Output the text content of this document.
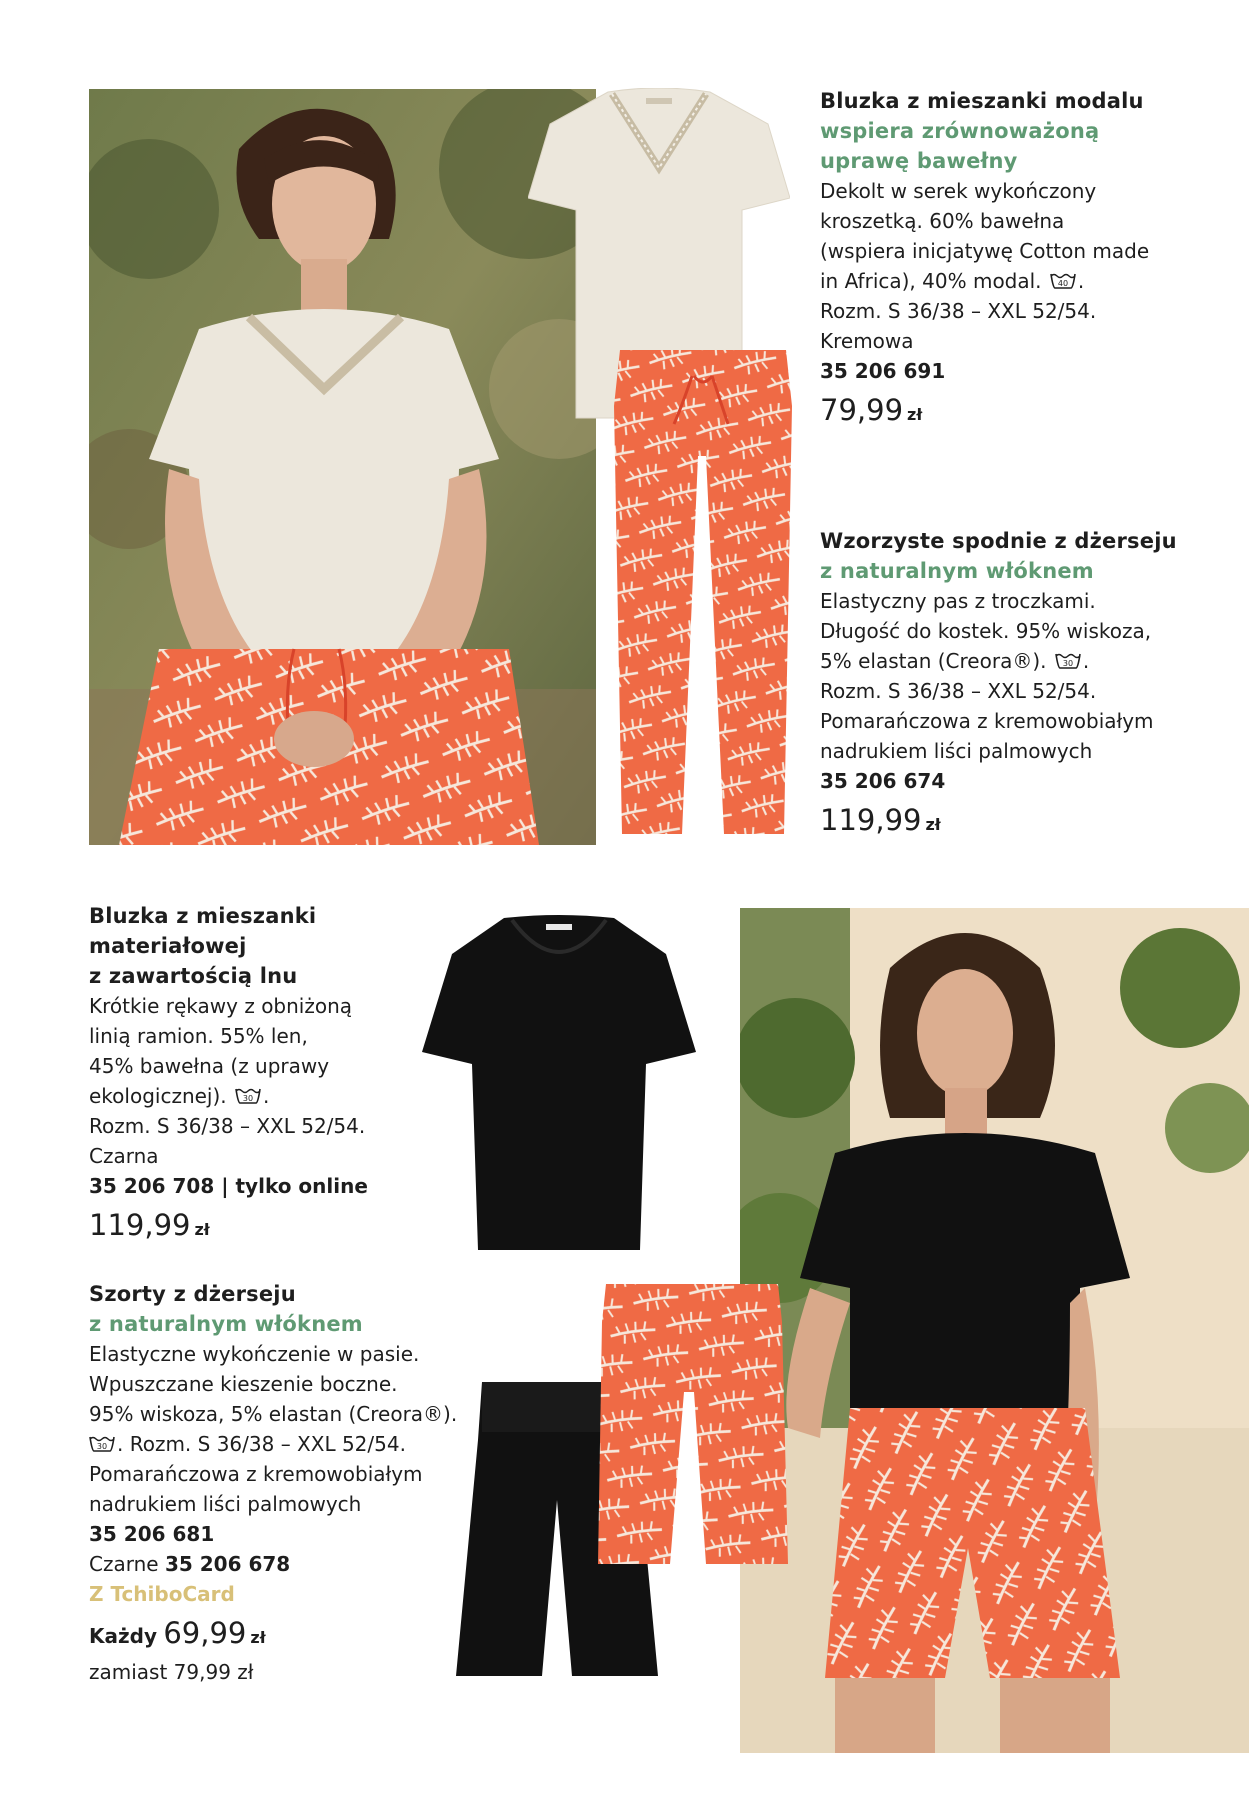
Bluzka z mieszanki modalu
wspiera zrównoważoną
uprawę bawełny
Dekolt w serek wykończony
kroszetką. 60% bawełna
(wspiera inicjatywę Cotton made
in Africa), 40% modal. 40 .
Rozm. S 36/38 – XXL 52/54.
Kremowa
35 206 691
79,99 zł
Wzorzyste spodnie z dżerseju
z naturalnym włóknem
Elastyczny pas z troczkami.
Długość do kostek. 95% wiskoza,
5% elastan (Creora®). 30 .
Rozm. S 36/38 – XXL 52/54.
Pomarańczowa z kremowobiałym
nadrukiem liści palmowych
35 206 674
119,99 zł
Bluzka z mieszanki
materiałowej
z zawartością lnu
Krótkie rękawy z obniżoną
linią ramion. 55% len,
45% bawełna (z uprawy
ekologicznej). 30 .
Rozm. S 36/38 – XXL 52/54.
Czarna
35 206 708 | tylko online
119,99 zł
Szorty z dżerseju
z naturalnym włóknem
Elastyczne wykończenie w pasie.
Wpuszczane kieszenie boczne.
95% wiskoza, 5% elastan (Creora®).
30 . Rozm. S 36/38 – XXL 52/54.
Pomarańczowa z kremowobiałym
nadrukiem liści palmowych
35 206 681
Czarne 35 206 678
Z TchiboCard
Każdy 69,99 zł
zamiast 79,99 zł
